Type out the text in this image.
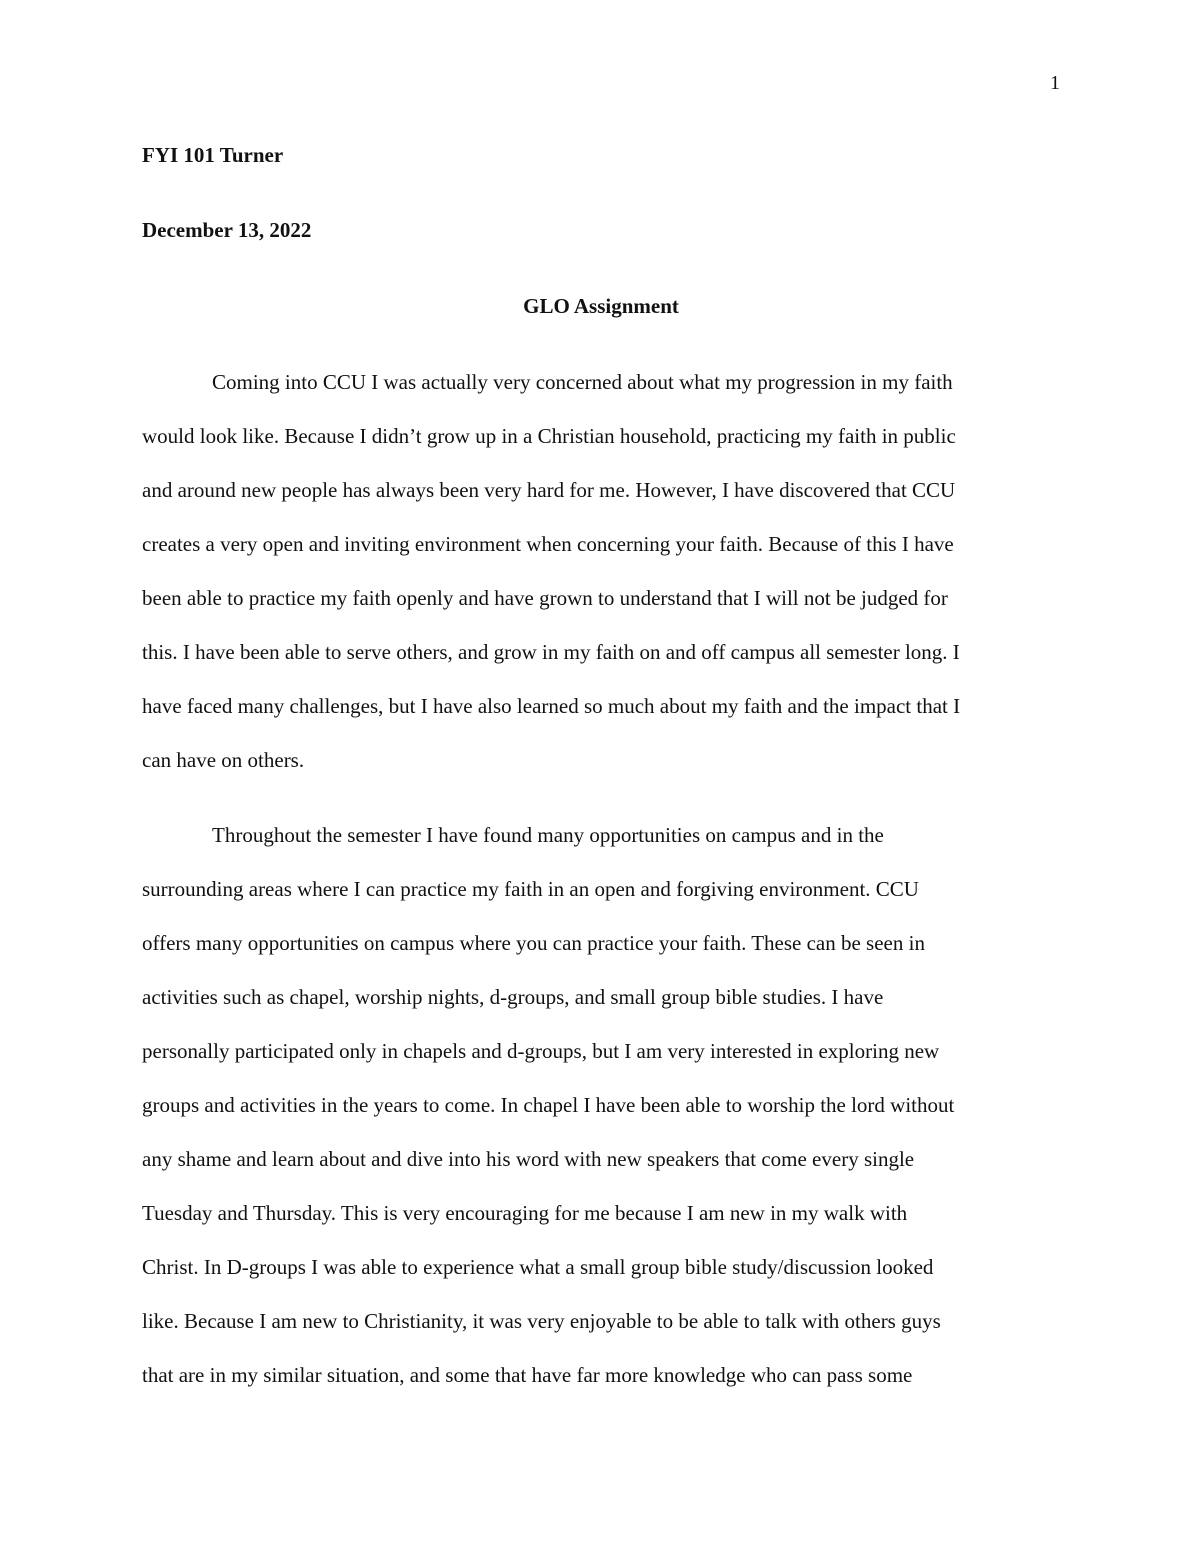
1
FYI 101 Turner
December 13, 2022
GLO Assignment
Coming into CCU I was actually very concerned about what my progression in my faith
would look like. Because I didn’t grow up in a Christian household, practicing my faith in public
and around new people has always been very hard for me. However, I have discovered that CCU
creates a very open and inviting environment when concerning your faith. Because of this I have
been able to practice my faith openly and have grown to understand that I will not be judged for
this. I have been able to serve others, and grow in my faith on and off campus all semester long. I
have faced many challenges, but I have also learned so much about my faith and the impact that I
can have on others.
Throughout the semester I have found many opportunities on campus and in the
surrounding areas where I can practice my faith in an open and forgiving environment. CCU
offers many opportunities on campus where you can practice your faith. These can be seen in
activities such as chapel, worship nights, d-groups, and small group bible studies. I have
personally participated only in chapels and d-groups, but I am very interested in exploring new
groups and activities in the years to come. In chapel I have been able to worship the lord without
any shame and learn about and dive into his word with new speakers that come every single
Tuesday and Thursday. This is very encouraging for me because I am new in my walk with
Christ. In D-groups I was able to experience what a small group bible study/discussion looked
like. Because I am new to Christianity, it was very enjoyable to be able to talk with others guys
that are in my similar situation, and some that have far more knowledge who can pass some
